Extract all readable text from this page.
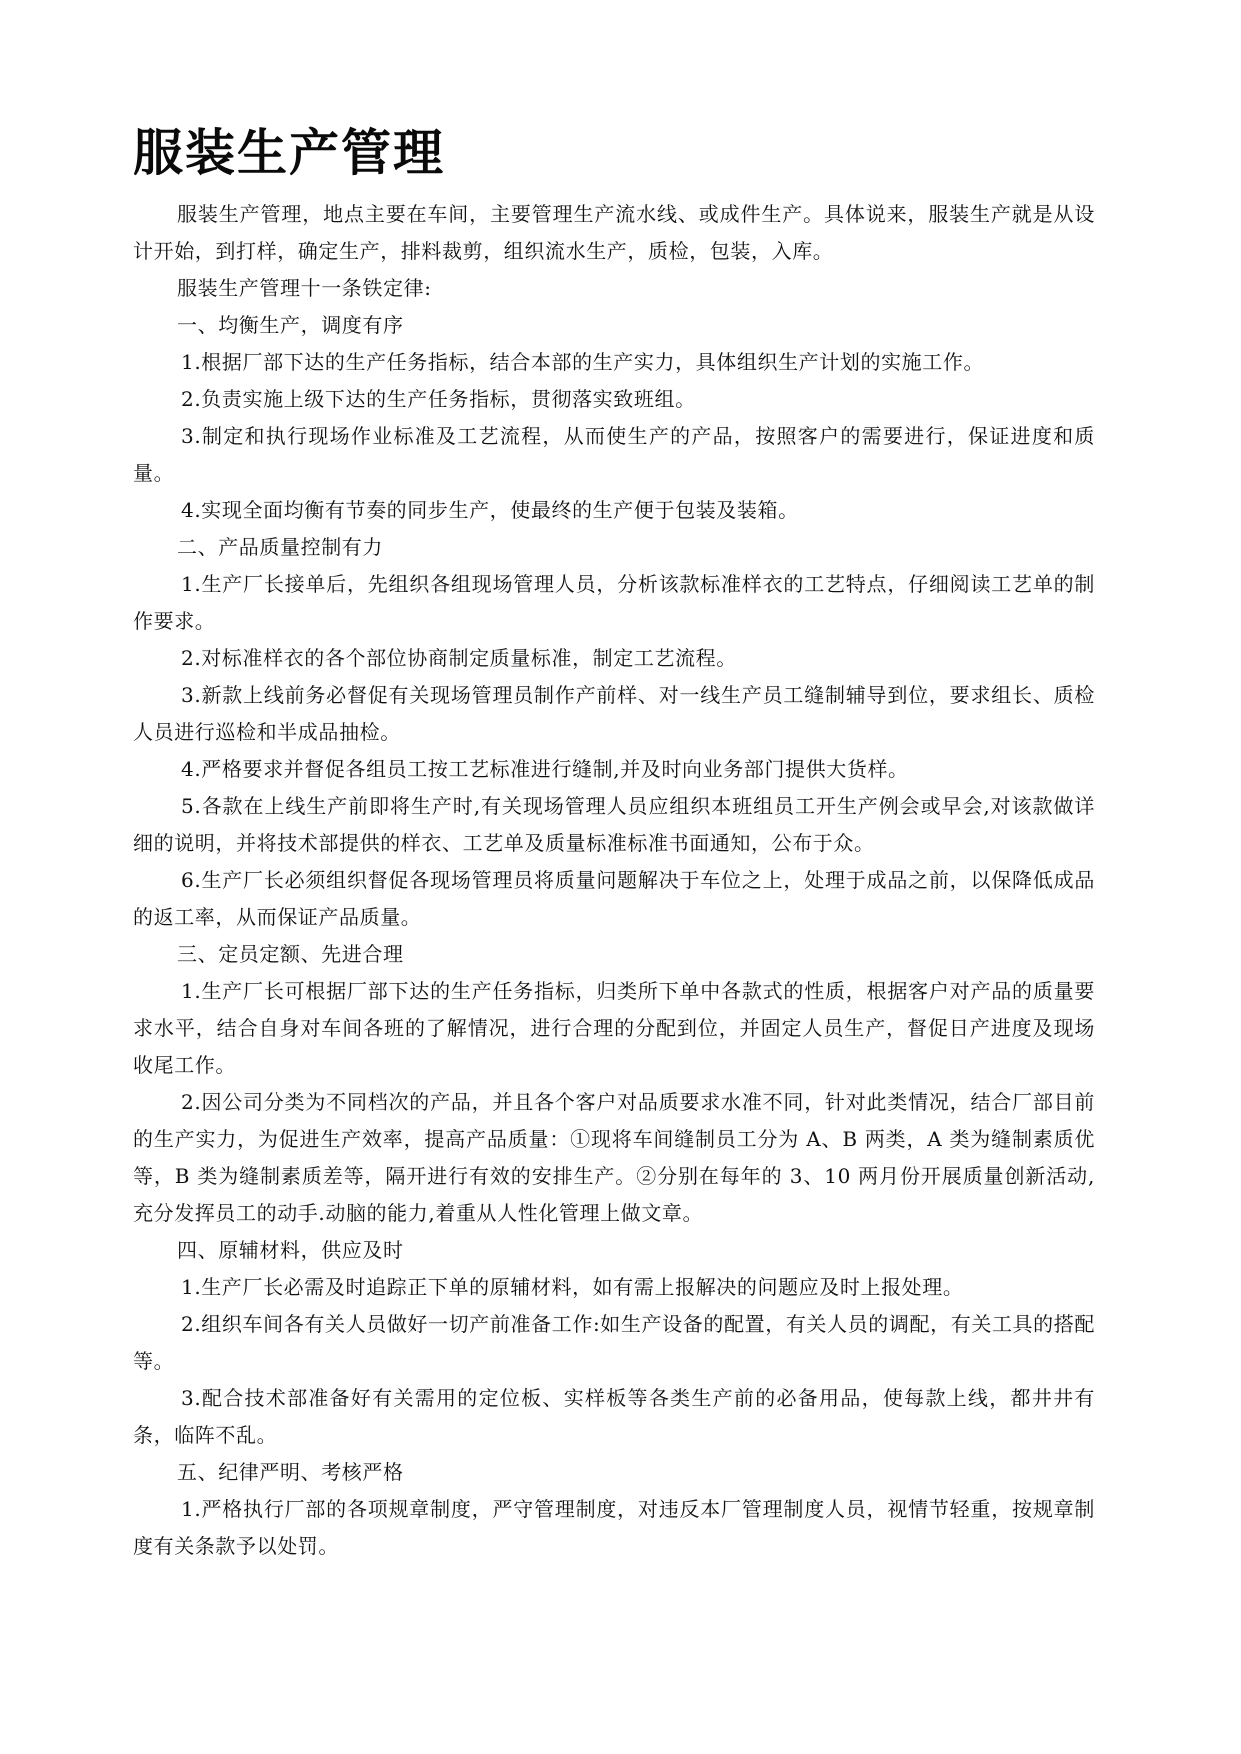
服装生产管理

服装生产管理，地点主要在车间，主要管理生产流水线、或成件生产。具体说来，服装生产就是从设计开始，到打样，确定生产，排料裁剪，组织流水生产，质检，包装，入库。

服装生产管理十一条铁定律:

一、均衡生产，调度有序

1.根据厂部下达的生产任务指标，结合本部的生产实力，具体组织生产计划的实施工作。

2.负责实施上级下达的生产任务指标，贯彻落实致班组。

3.制定和执行现场作业标准及工艺流程，从而使生产的产品，按照客户的需要进行，保证进度和质量。

4.实现全面均衡有节奏的同步生产，使最终的生产便于包装及装箱。

二、产品质量控制有力

1.生产厂长接单后，先组织各组现场管理人员，分析该款标准样衣的工艺特点，仔细阅读工艺单的制作要求。

2.对标准样衣的各个部位协商制定质量标准，制定工艺流程。

3.新款上线前务必督促有关现场管理员制作产前样、对一线生产员工缝制辅导到位，要求组长、质检人员进行巡检和半成品抽检。

4.严格要求并督促各组员工按工艺标准进行缝制,并及时向业务部门提供大货样。

5.各款在上线生产前即将生产时,有关现场管理人员应组织本班组员工开生产例会或早会,对该款做详细的说明，并将技术部提供的样衣、工艺单及质量标准标准书面通知，公布于众。

6.生产厂长必须组织督促各现场管理员将质量问题解决于车位之上，处理于成品之前，以保降低成品的返工率，从而保证产品质量。

三、定员定额、先进合理

1.生产厂长可根据厂部下达的生产任务指标，归类所下单中各款式的性质，根据客户对产品的质量要求水平，结合自身对车间各班的了解情况，进行合理的分配到位，并固定人员生产，督促日产进度及现场收尾工作。

2.因公司分类为不同档次的产品，并且各个客户对品质要求水准不同，针对此类情况，结合厂部目前的生产实力，为促进生产效率，提高产品质量：①现将车间缝制员工分为 A、B 两类，A 类为缝制素质优等，B 类为缝制素质差等，隔开进行有效的安排生产。②分别在每年的 3、10 两月份开展质量创新活动,充分发挥员工的动手.动脑的能力,着重从人性化管理上做文章。

四、原辅材料，供应及时

1.生产厂长必需及时追踪正下单的原辅材料，如有需上报解决的问题应及时上报处理。

2.组织车间各有关人员做好一切产前准备工作:如生产设备的配置，有关人员的调配，有关工具的搭配等。

3.配合技术部准备好有关需用的定位板、实样板等各类生产前的必备用品，使每款上线，都井井有条，临阵不乱。

五、纪律严明、考核严格

1.严格执行厂部的各项规章制度，严守管理制度，对违反本厂管理制度人员，视情节轻重，按规章制度有关条款予以处罚。
